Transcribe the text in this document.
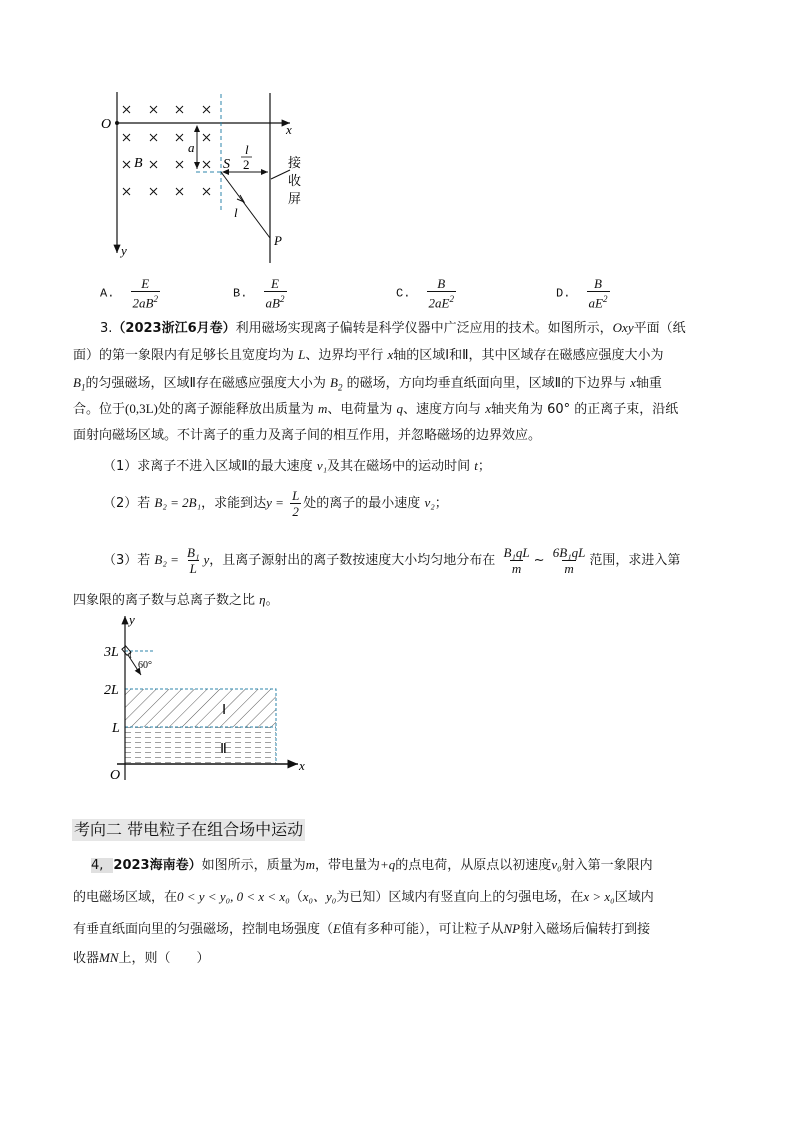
O	x
y
B
a
S
l
2
l
P
接
收
屏
A. $\frac{E}{2aB^2}$	B. $\frac{E}{aB^2}$	C. $\frac{B}{2aE^2}$	D. $\frac{B}{aE^2}$
3.（2023浙江6月卷）利用磁场实现离子偏转是科学仪器中广泛应用的技术。如图所示，Oxy平面（纸
面）的第一象限内有足够长且宽度均为 L、边界均平行 x轴的区域Ⅰ和Ⅱ，其中区域存在磁感应强度大小为
$B_1$的匀强磁场，区域Ⅱ存在磁感应强度大小为 $B_2$ 的磁场，方向均垂直纸面向里，区域Ⅱ的下边界与 x轴重
合。位于(0,3L)处的离子源能释放出质量为 m、电荷量为 q、速度方向与 x轴夹角为 60° 的正离子束，沿纸
面射向磁场区域。不计离子的重力及离子间的相互作用，并忽略磁场的边界效应。
（1）求离子不进入区域Ⅱ的最大速度 v₁及其在磁场中的运动时间 t；
（2）若 B₂ = 2B₁，求能到达$y = \frac{L}{2}$ 处的离子的最小速度 v₂；
（3）若 $B_2 = \frac{\text{B₁}}{L}$ y，且离子源射出的离子数按速度大小均匀地分布在 $\frac{\text{B₁qL}}{m}$ ~ $\frac{\text{6B₁qL}}{m}$ 范围，求进入第
四象限的离子数与总离子数之比 η。
y
x
O
3L
2L
L
60°
Ⅰ
Ⅱ
考向二 带电粒子在组合场中运动
4, 2023海南卷）如图所示，质量为m，带电量为+q的点电荷，从原点以初速度v₀射入第一象限内
的电磁场区域，在0 < y < y₀, 0 < x < x₀（x₀、y₀为已知）区域内有竖直向上的匀强电场，在x > x₀区域内
有垂直纸面向里的匀强磁场，控制电场强度（E值有多种可能），可让粒子从NP射入磁场后偏转打到接
收器MN上，则（　　）
